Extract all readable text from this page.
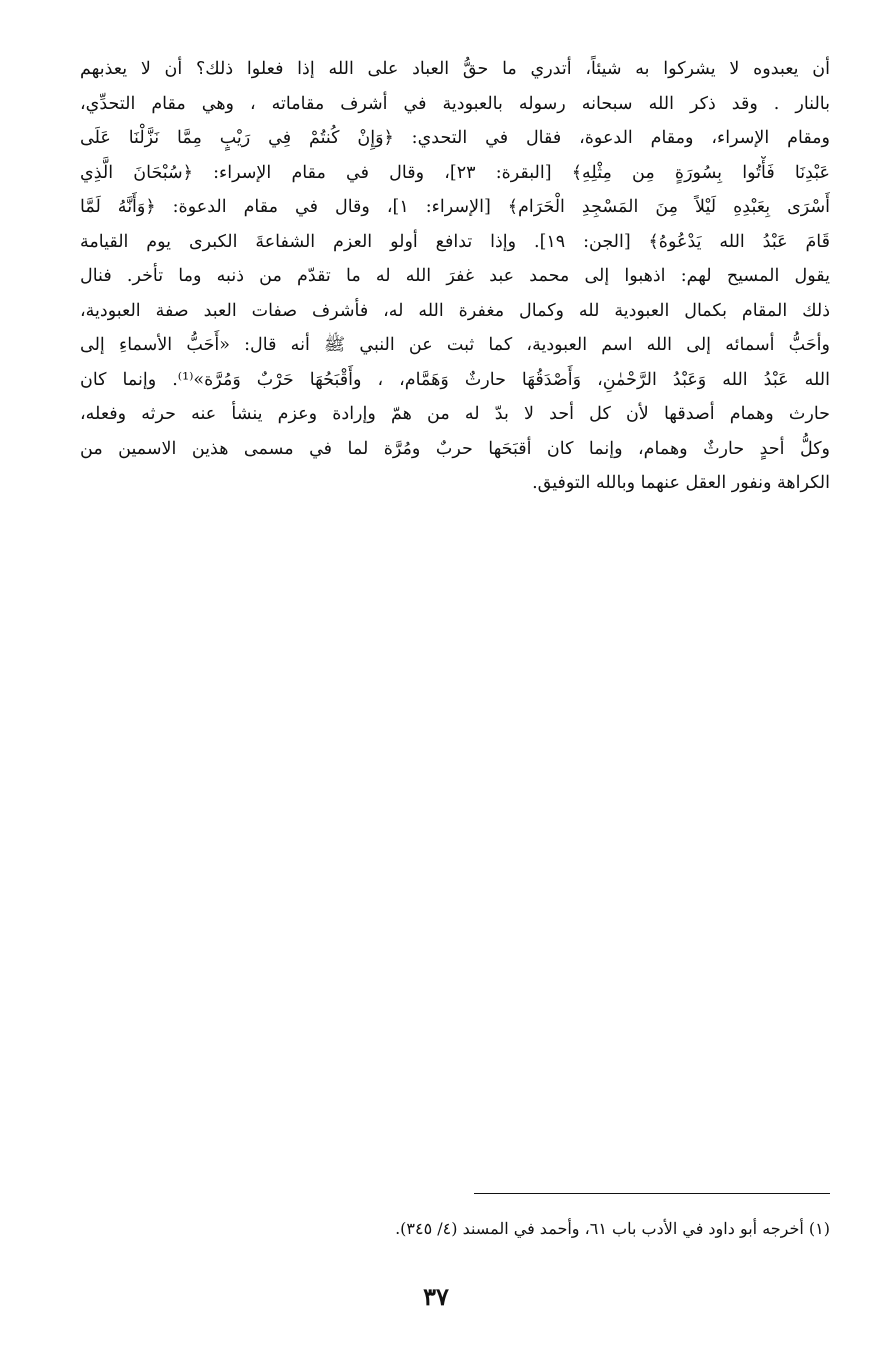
أن يعبدوه لا يشركوا به شيئاً، أتدري ما حقُّ العباد على الله إذا فعلوا ذلك؟ أن لا يعذبهم
بالنار . وقد ذكر الله سبحانه رسوله بالعبودية في أشرف مقاماته ، وهي مقام التحدِّي،
ومقام الإسراء، ومقام الدعوة، فقال في التحدي: ﴿وَإِنْ كُنتُمْ فِي رَيْبٍ مِمَّا نَزَّلْنَا عَلَى
عَبْدِنَا فَأْتُوا بِسُورَةٍ مِن مِثْلِهِ﴾ [البقرة: ٢٣]، وقال في مقام الإسراء: ﴿سُبْحَانَ الَّذِي
أَسْرَى بِعَبْدِهِ لَيْلاً مِنَ المَسْجِدِ الْحَرَام﴾ [الإسراء: ١]، وقال في مقام الدعوة: ﴿وَأَنَّهُ لَمَّا
قَامَ عَبْدُ الله يَدْعُوهُ﴾ [الجن: ١٩]. وإذا تدافع أولو العزم الشفاعةَ الكبرى يوم القيامة
يقول المسيح لهم: اذهبوا إلى محمد عبد غفرَ الله له ما تقدّم من ذنبه وما تأخر. فنال
ذلك المقام بكمال العبودية لله وكمال مغفرة الله له، فأشرف صفات العبد صفة العبودية،
وأحَبُّ أسمائه إلى الله اسم العبودية، كما ثبت عن النبي ﷺ أنه قال: «أَحَبُّ الأسماءِ إلى
الله عَبْدُ الله وَعَبْدُ الرَّحْمٰنِ، وَأَصْدَقُهَا حارثٌ وَهَمَّام، ، وأَقْبَحُهَا حَرْبٌ وَمُرَّة»⁽¹⁾. وإنما كان
حارث وهمام أصدقها لأن كل أحد لا بدّ له من همّ وإرادة وعزم ينشأ عنه حرثه وفعله،
وكلُّ أحدٍ حارثٌ وهمام، وإنما كان أقبَحَها حربٌ ومُرَّة لما في مسمى هذين الاسمين من
الكراهة ونفور العقل عنهما وبالله التوفيق.
(١) أخرجه أبو داود في الأدب باب ٦١، وأحمد في المسند (٤/ ٣٤٥).
٣٧
